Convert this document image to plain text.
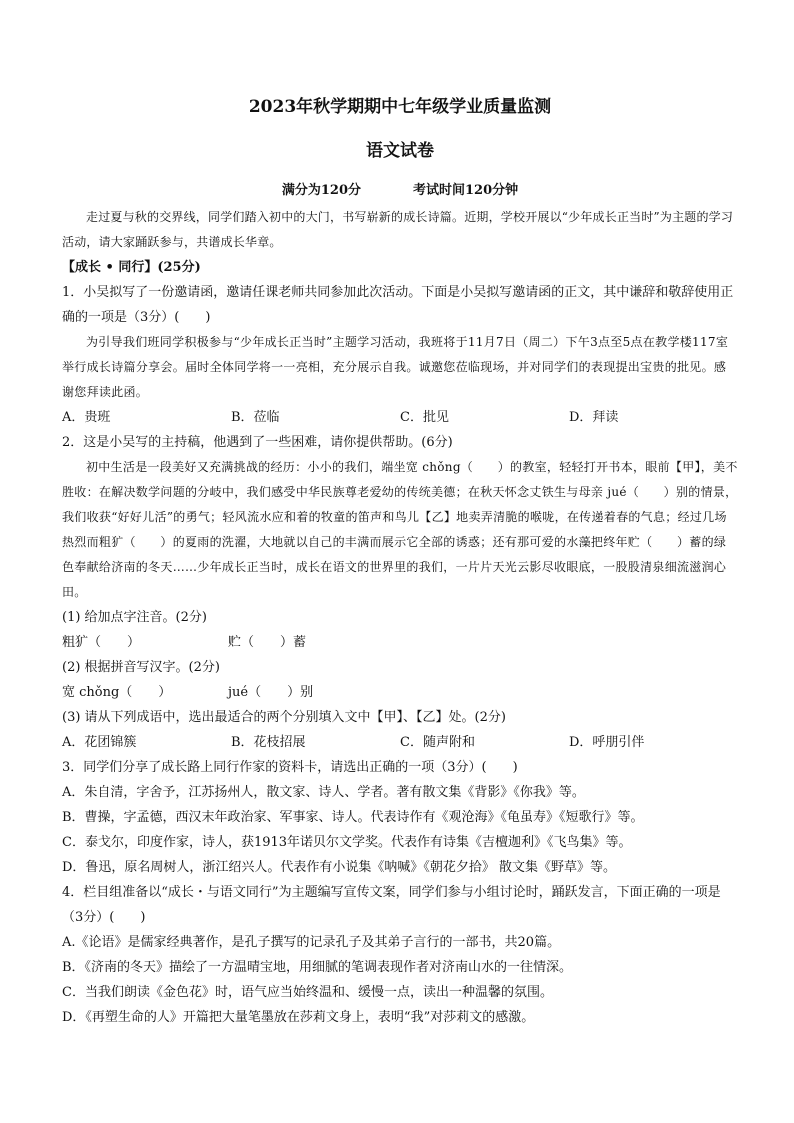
2023年秋学期期中七年级学业质量监测
语文试卷
满分为120分	考试时间120分钟

走过夏与秋的交界线，同学们踏入初中的大门，书写崭新的成长诗篇。近期，学校开展以“少年成长正当时”为主题的学习活动，请大家踊跃参与，共谱成长华章。

【成长 • 同行】(25分)

1．小吴拟写了一份邀请函，邀请任课老师共同参加此次活动。下面是小吴拟写邀请函的正文，其中谦辞和敬辞使用正确的一项是（3分）(　　)

为引导我们班同学积极参与“少年成长正当时”主题学习活动，我班将于11月7日（周二）下午3点至5点在教学楼117室举行成长诗篇分享会。届时全体同学将一一亮相，充分展示自我。诚邀您莅临现场，并对同学们的表现提出宝贵的批见。感谢您拜读此函。

A．贵班	B．莅临	C．批见	D．拜读

2．这是小吴写的主持稿，他遇到了一些困难，请你提供帮助。(6分)

初中生活是一段美好又充满挑战的经历：小小的我们，端坐宽 chǒng（　　）的教室，轻轻打开书本，眼前【甲】，美不胜收：在解决数学问题的分岐中，我们感受中华民族尊老爱幼的传统美德；在秋天怀念丈铁生与母亲 jué（　　）别的情景，我们收获“好好儿活”的勇气；轻风流水应和着的牧童的笛声和鸟儿【乙】地卖弄清脆的喉咙，在传递着春的气息；经过几场热烈而粗犷（　　）的夏雨的洗濯，大地就以自己的丰满而展示它全部的诱惑；还有那可爱的水藻把终年贮（　　）蓄的绿色奉献给济南的冬天……少年成长正当时，成长在语文的世界里的我们，一片片天光云影尽收眼底，一股股清泉细流滋润心田。

(1) 给加点字注音。(2分)

粗犷（　　）	贮（　　）蓄

(2) 根据拼音写汉字。(2分)

宽 chǒng（　　）	jué（　　）别

(3) 请从下列成语中，选出最适合的两个分别填入文中【甲】、【乙】处。(2分)

A．花团锦簇	B．花枝招展	C．随声附和	D．呼朋引伴

3．同学们分享了成长路上同行作家的资料卡，请选出正确的一项（3分）(　　)

A．朱自清，字舍予，江苏扬州人，散文家、诗人、学者。著有散文集《背影》《你我》等。

B．曹操，字孟德，西汉末年政治家、军事家、诗人。代表诗作有《观沧海》《龟虽寿》《短歌行》等。

C．泰戈尔，印度作家，诗人，获1913年诺贝尔文学奖。代表作有诗集《吉檀迦利》《飞鸟集》等。

D．鲁迅，原名周树人，浙江绍兴人。代表作有小说集《呐喊》《朝花夕拾》 散文集《野草》等。

4．栏目组准备以“成长・与语文同行”为主题编写宣传文案，同学们参与小组讨论时，踊跃发言，下面正确的一项是（3分）(　　)

A.《论语》是儒家经典著作，是孔子撰写的记录孔子及其弟子言行的一部书，共20篇。

B．《济南的冬天》描绘了一方温晴宝地，用细腻的笔调表现作者对济南山水的一往情深。

C．当我们朗读《金色花》时，语气应当始终温和、缓慢一点，读出一种温馨的氛围。

D．《再塑生命的人》开篇把大量笔墨放在莎莉文身上，表明“我”对莎莉文的感激。
